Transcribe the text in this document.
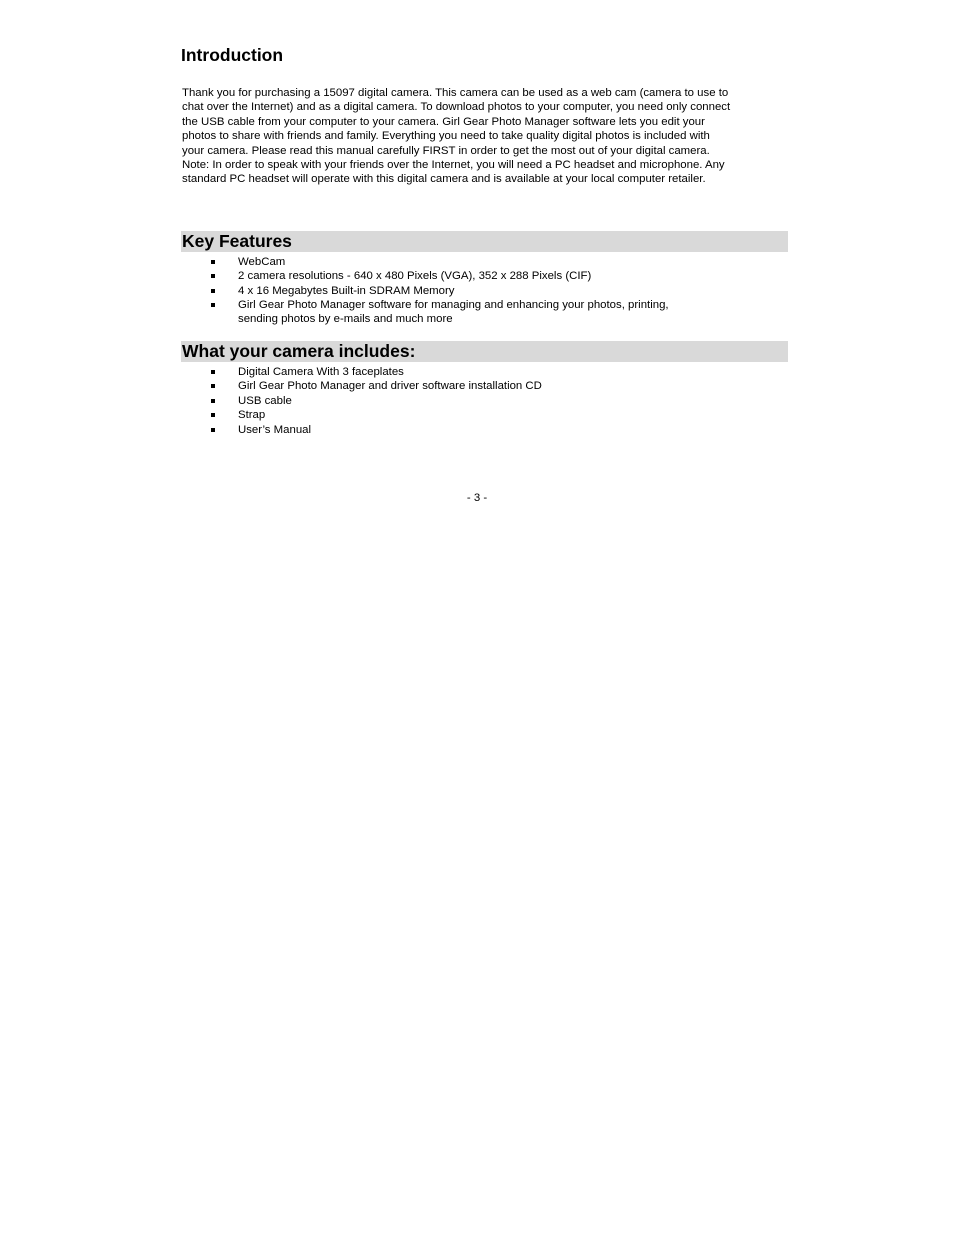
Introduction

Thank you for purchasing a 15097 digital camera. This camera can be used as a web cam (camera to use to
chat over the Internet) and as a digital camera. To download photos to your computer, you need only connect
the USB cable from your computer to your camera. Girl Gear Photo Manager software lets you edit your
photos to share with friends and family. Everything you need to take quality digital photos is included with
your camera. Please read this manual carefully FIRST in order to get the most out of your digital camera.
Note: In order to speak with your friends over the Internet, you will need a PC headset and microphone. Any
standard PC headset will operate with this digital camera and is available at your local computer retailer.

Key Features
WebCam
2 camera resolutions - 640 x 480 Pixels (VGA), 352 x 288 Pixels (CIF)
4 x 16 Megabytes Built-in SDRAM Memory
Girl Gear Photo Manager software for managing and enhancing your photos, printing,
sending photos by e-mails and much more
What your camera includes:
Digital Camera With 3 faceplates
Girl Gear Photo Manager and driver software installation CD
USB cable
Strap
User’s Manual
- 3 -
